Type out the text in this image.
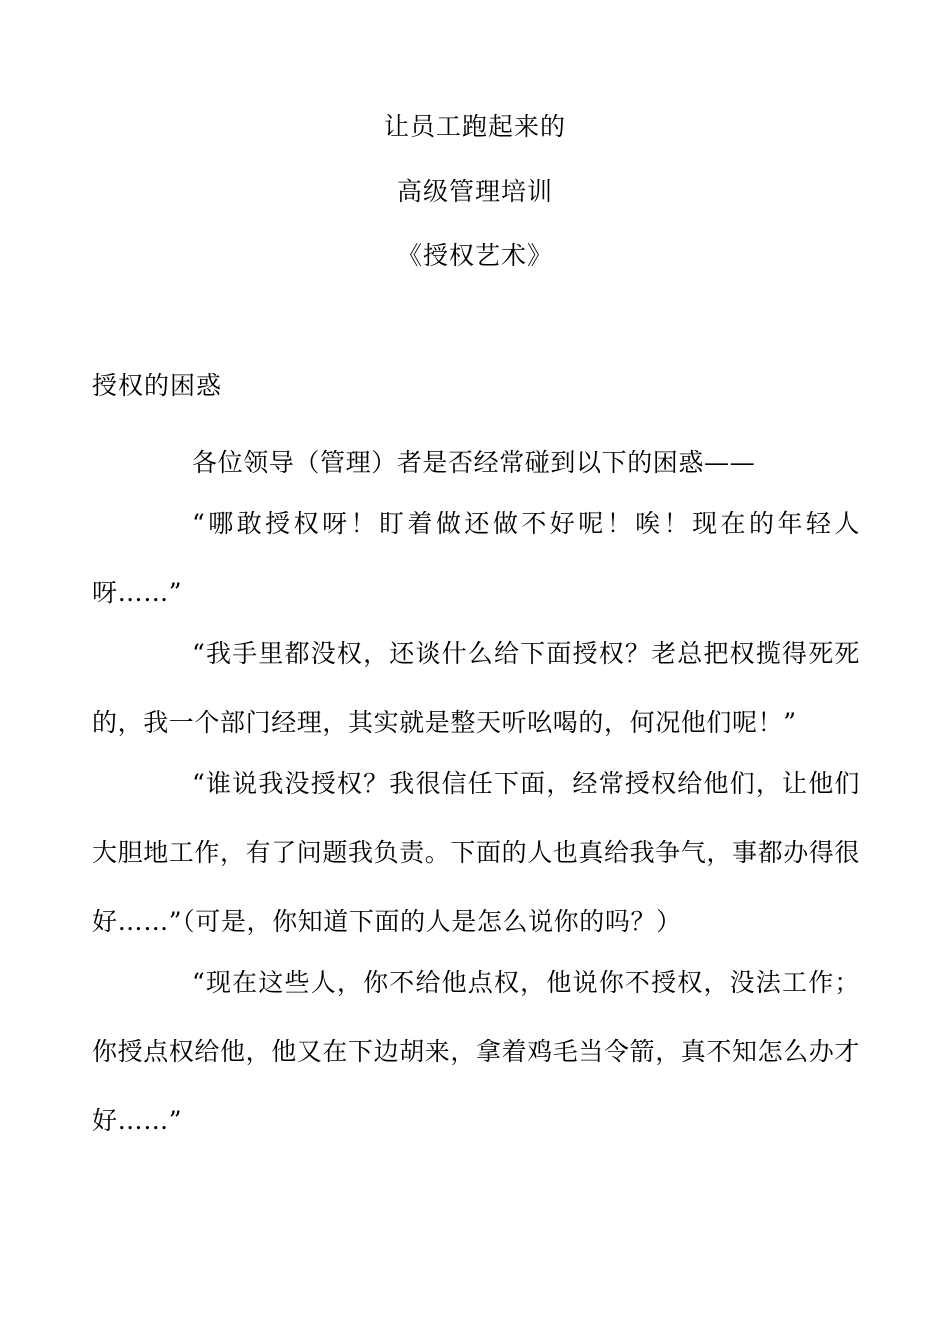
让员工跑起来的
高级管理培训
《授权艺术》
授权的困惑

各位领导（管理）者是否经常碰到以下的困惑——

“哪敢授权呀！盯着做还做不好呢！唉！现在的年轻人呀……”

“我手里都没权，还谈什么给下面授权？老总把权揽得死死的，我一个部门经理，其实就是整天听吆喝的，何况他们呢！”

“谁说我没授权？我很信任下面，经常授权给他们，让他们大胆地工作，有了问题我负责。下面的人也真给我争气，事都办得很好……”（可是，你知道下面的人是怎么说你的吗？）

“现在这些人，你不给他点权，他说你不授权，没法工作；你授点权给他，他又在下边胡来，拿着鸡毛当令箭，真不知怎么办才好……”
